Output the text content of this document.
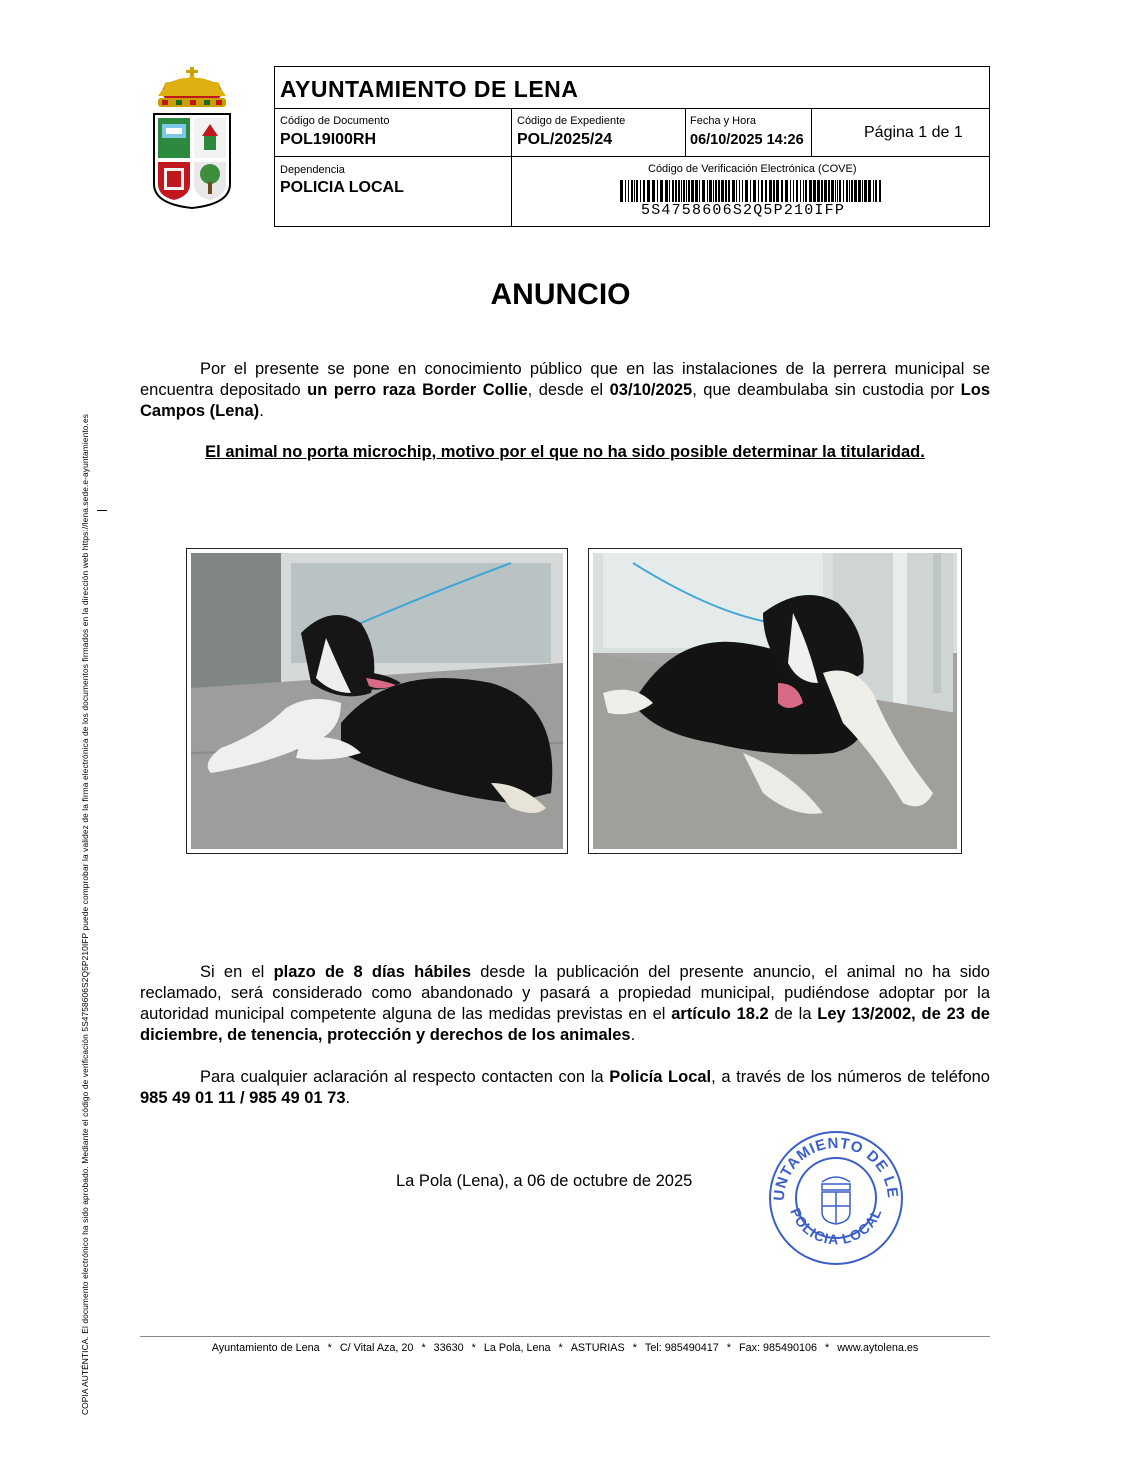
COPIA AUTÉNTICA. El documento electrónico ha sido aprobado. Mediante el código de verificación 5S4758606S2Q5P210IFP puede comprobar la validez de la firma electrónica de los documentos firmados en la dirección web https://lena.sede.e-ayuntamiento.es
AYUNTAMIENTO DE LENA
Código de Documento
POL19I00RH
Código de Expediente
POL/2025/24
Fecha y Hora
06/10/2025 14:26	Página 1 de 1
Dependencia
POLICIA LOCAL
Código de Verificación Electrónica (COVE)
5S4758606S2Q5P210IFP
ANUNCIO
Por el presente se pone en conocimiento público que en las instalaciones de la perrera municipal se encuentra depositado un perro raza Border Collie, desde el 03/10/2025, que deambulaba sin custodia por Los Campos (Lena).
El animal no porta microchip, motivo por el que no ha sido posible determinar la titularidad.
Si en el plazo de 8 días hábiles desde la publicación del presente anuncio, el animal no ha sido reclamado, será considerado como abandonado y pasará a propiedad municipal, pudiéndose adoptar por la autoridad municipal competente alguna de las medidas previstas en el artículo 18.2 de la Ley 13/2002, de 23 de diciembre, de tenencia, protección y derechos de los animales.
Para cualquier aclaración al respecto contacten con la Policía Local, a través de los números de teléfono 985 49 01 11 / 985 49 01 73.
La Pola (Lena), a 06 de octubre de 2025
UNTAMIENTO DE LE
POLICIA LOCAL
Ayuntamiento de Lena * C/ Vital Aza, 20 * 33630 * La Pola, Lena * ASTURIAS * Tel: 985490417 * Fax: 985490106 * www.aytolena.es
